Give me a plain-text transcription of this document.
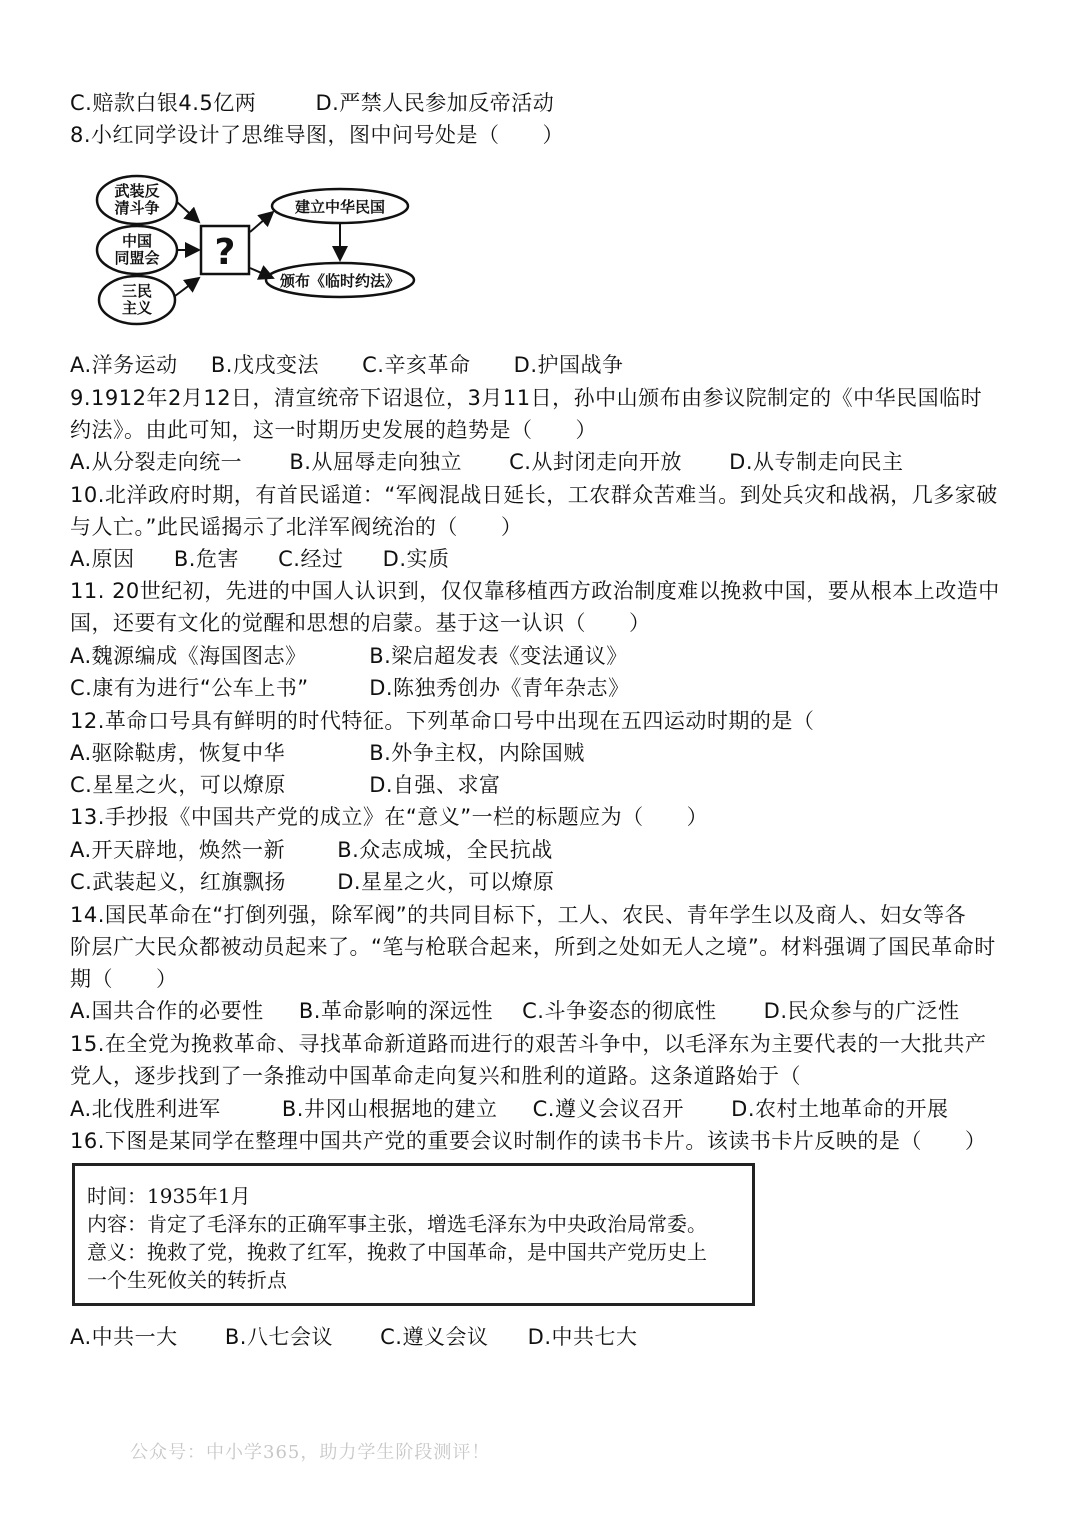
C.赔款白银4.5亿两	D.严禁人民参加反帝活动
8.小红同学设计了思维导图，图中问号处是（　　）
武装反
清斗争
中国
同盟会
三民
主义
?
建立中华民国
颁布《临时约法》
A.洋务运动 B.戊戌变法 C.辛亥革命 D.护国战争
9.1912年2月12日，清宣统帝下诏退位，3月11日，孙中山颁布由参议院制定的《中华民国临时
约法》。由此可知，这一时期历史发展的趋势是（　　）
A.从分裂走向统一 B.从屈辱走向独立 C.从封闭走向开放 D.从专制走向民主
10.北洋政府时期，有首民谣道：“军阀混战日延长，工农群众苦难当。到处兵灾和战祸，几多家破
与人亡。”此民谣揭示了北洋军阀统治的（　　）
A.原因 B.危害 C.经过 D.实质
11. 20世纪初，先进的中国人认识到，仅仅靠移植西方政治制度难以挽救中国，要从根本上改造中
国，还要有文化的觉醒和思想的启蒙。基于这一认识（　　）
A.魏源编成《海国图志》	B.梁启超发表《变法通议》
C.康有为进行“公车上书”	D.陈独秀创办《青年杂志》
12.革命口号具有鲜明的时代特征。下列革命口号中出现在五四运动时期的是（
A.驱除鞑虏，恢复中华	B.外争主权，内除国贼
C.星星之火，可以燎原	D.自强、求富
13.手抄报《中国共产党的成立》在“意义”一栏的标题应为（　　）
A.开天辟地，焕然一新 B.众志成城，全民抗战
C.武装起义，红旗飘扬 D.星星之火，可以燎原
14.国民革命在“打倒列强，除军阀”的共同目标下，工人、农民、青年学生以及商人、妇女等各
阶层广大民众都被动员起来了。“笔与枪联合起来，所到之处如无人之境”。材料强调了国民革命时
期（　　）
A.国共合作的必要性 B.革命影响的深远性 C.斗争姿态的彻底性 D.民众参与的广泛性
15.在全党为挽救革命、寻找革命新道路而进行的艰苦斗争中，以毛泽东为主要代表的一大批共产
党人，逐步找到了一条推动中国革命走向复兴和胜利的道路。这条道路始于（
A.北伐胜利进军	B.井冈山根据地的建立 C.遵义会议召开 D.农村土地革命的开展
16.下图是某同学在整理中国共产党的重要会议时制作的读书卡片。该读书卡片反映的是（　　）
时间：1935年1月
内容：肯定了毛泽东的正确军事主张，增选毛泽东为中央政治局常委。
意义：挽救了党，挽救了红军，挽救了中国革命，是中国共产党历史上
一个生死攸关的转折点
A.中共一大 B.八七会议 C.遵义会议 D.中共七大
公众号：中小学365，助力学生阶段测评！
